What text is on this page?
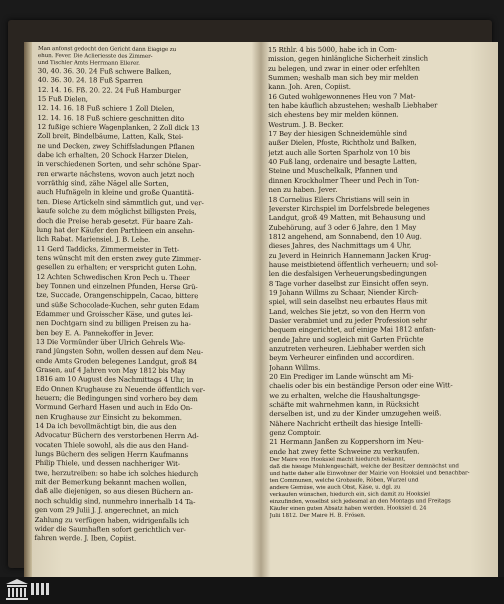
Man anfonst gedocht den Gericht dann Eiagige zu
ehun. Fever. Die Aclieriesste des Zimmer-
und Tischler Amts Herrmann Ellerer.
30, 40. 36. 30. 24 Fuß schwere Balken,
40. 36. 30. 24. 18 Fuß Sparren
12. 14. 16. Fß. 20. 22. 24 Fuß Hamburger
15 Fuß Dielen,
12. 14. 16. 18 Fuß schiere 1 Zoll Dielen,
12. 14. 16. 18 Fuß schiere geschnitten dito
12 fußige schiere Wagenplanken, 2 Zoll dick 13
Zoll breit, Bindelbäume, Latten, Kalk, Stei-
ne und Decken, zwey Schiffsladungen Pflanen
dabe ich erhalten, 20 Schock Harzer Dielen,
in verschiedenen Sorten, und sehr schöne Spar-
ren erwarte nächstens, wovon auch jetzt noch
vorräthig sind, zähe Nägel alle Sorten,
auch Hufnägeln in kleine und große Quantitä-
ten. Diese Artickeln sind sämmtlich gut, und ver-
kaufe solche zu dem möglichst billigsten Preis,
doch die Preise herab gesetzt. Für baare Zah-
lung hat der Käufer den Parthieen ein ansehn-
lich Rabat. Mariensiel. J. B. Lehe.
11 Gerd Taddicks, Zimmermeister in Tett-
tens wünscht mit den ersten zwey gute Zimmer-
gesellen zu erhalten; er verspricht guten Lohn.
12 Achten Schwedischen Kron Pech u. Theer
bey Tonnen und einzelnen Pfunden, Herse Grü-
tze, Succade, Orangenschippeln, Cacao, bittere
und süße Schocolade-Kuchen, sehr guten Edam
Edammer und Groisscher Käse, und gutes lei-
nen Dochtgarn sind zu billigen Preisen zu ha-
ben bey E. A. Pannekoffer in Jever.
13 Die Vormünder über Ulrich Gehrels Wie-
rand jüngsten Sohn, wollen dessen auf dem Neu-
ende Amts Groden belegenes Landgut, groß 84
Grasen, auf 4 Jahren von May 1812 bis May
1816 am 10 August des Nachmittags 4 Uhr, in
Edo Onnen Krughause zu Neuende öffentlich ver-
heuern; die Bedingungen sind vorhero bey dem
Vormund Gerhard Hasen und auch in Edo On-
nen Krughause zur Einsicht zu bekommen.
14 Da ich bevollmächtigt bin, die aus den
Advocatur Büchern des verstorbenen Herrn Ad-
vocaten Thiele sowohl, als die aus den Hand-
lungs Büchern des seligen Herrn Kaufmanns
Philip Thiele, und dessen nachheriger Wit-
twe, herzutreiben: so habe ich solches hiedurch
mit der Bemerkung bekannt machen wollen,
daß alle diejenigen, so aus diesen Büchern an-
noch schuldig sind, nunmehro innerhalb 14 Ta-
gen vom 29 Julii J. J. angerechnet, an mich
Zahlung zu verfügen haben, widrigenfalls ich
wider die Saumhaften sofort gerichtlich ver-
fahren werde. J. Iben, Copiist.
15 Rthlr. 4 bis 5000, habe ich in Com-
mission, gegen hinlängliche Sicherheit zinslich
zu belegen, und zwar in einer oder erfehlten
Summen; weshalb man sich bey mir melden
kann. Joh. Aren, Copiist.
16 Guted wohlgewonnenes Heu von 7 Mat-
ten habe käuflich abzustehen; weshalb Liebhaber
sich ehestens bey mir melden können.
Westrum. J. B. Becker.
17 Bey der hiesigen Schneidemühle sind
außer Dielen, Pfoste, Richtholz und Balken,
jetzt auch alle Sorten Sparholz von 10 bis
40 Fuß lang, ordenaire und besagte Latten,
Steine und Muschelkalk, Pfannen und
dinnen Krockholmer Theer und Pech in Ton-
nen zu haben. Jever.
18 Cornelius Eilers Christians will sein in
Jeverster Kirchspiel im Dorfelsbrede belegenes
Landgut, groß 49 Matten, mit Behausung und
Zubehörung, auf 3 oder 6 Jahre, den 1 May
1812 angehend, am Sonnabend, den 10 Aug.
dieses Jahres, des Nachmittags um 4 Uhr,
zu Jeverd in Heinrich Hannemann Jacken Krug-
hause meistbietend öffentlich verheuern; und sol-
len die desfalsigen Verheuerungsbedingungen
8 Tage vorher daselbst zur Einsicht offen seyn.
19 Johann Willms zu Schaar, Niender Kirch-
spiel, will sein daselbst neu erbautes Haus mit
Land, welches Sie jetzt, so von den Herrn von
Dasier verabmiet und zu jeder Profession sehr
bequem eingerichtet, auf einige Mai 1812 anfan-
gende Jahre und sogleich mit Garten Früchte
anzutreten verheuren. Liebhaber werden sich
beym Verheurer einfinden und accordiren.
Johann Willms.
20 Ein Prediger im Lande wünscht am Mi-
chaelis oder bis ein beständige Person oder eine Witt-
we zu erhalten, welche die Haushaltungsge-
schäfte mit wahrnehmen kann, in Rücksicht
derselben ist, und zu der Kinder umzugehen weiß.
Nähere Nachricht ertheilt das hiesige Intelli-
genz Comptoir.
21 Hermann Janßen zu Koppershorn im Neu-
ende hat zwey fette Schweine zu verkaufen.
Der Maire von Hooksiel macht hiedurch bekannt,
daß die hiesige Mühlengeschäft, welche der Besitzer demnächst und
und hatte daher alle Einwohner der Mairie von Hooksiel und benachbar-
ten Communen, welche Grobzeife, Röben, Wurzel und
andere Gemüse, wie auch Obst, Käse, u. dgl. zu
verkaufen wünschen, hiedurch ein, sich damit zu Hooksiel
einzufinden, woselbst sich jedesmal an den Montags und Freitags
Käufer einen guten Absatz haben werden. Hooksiel d. 24
Julii 1812. Der Maire H. B. Frösen.
